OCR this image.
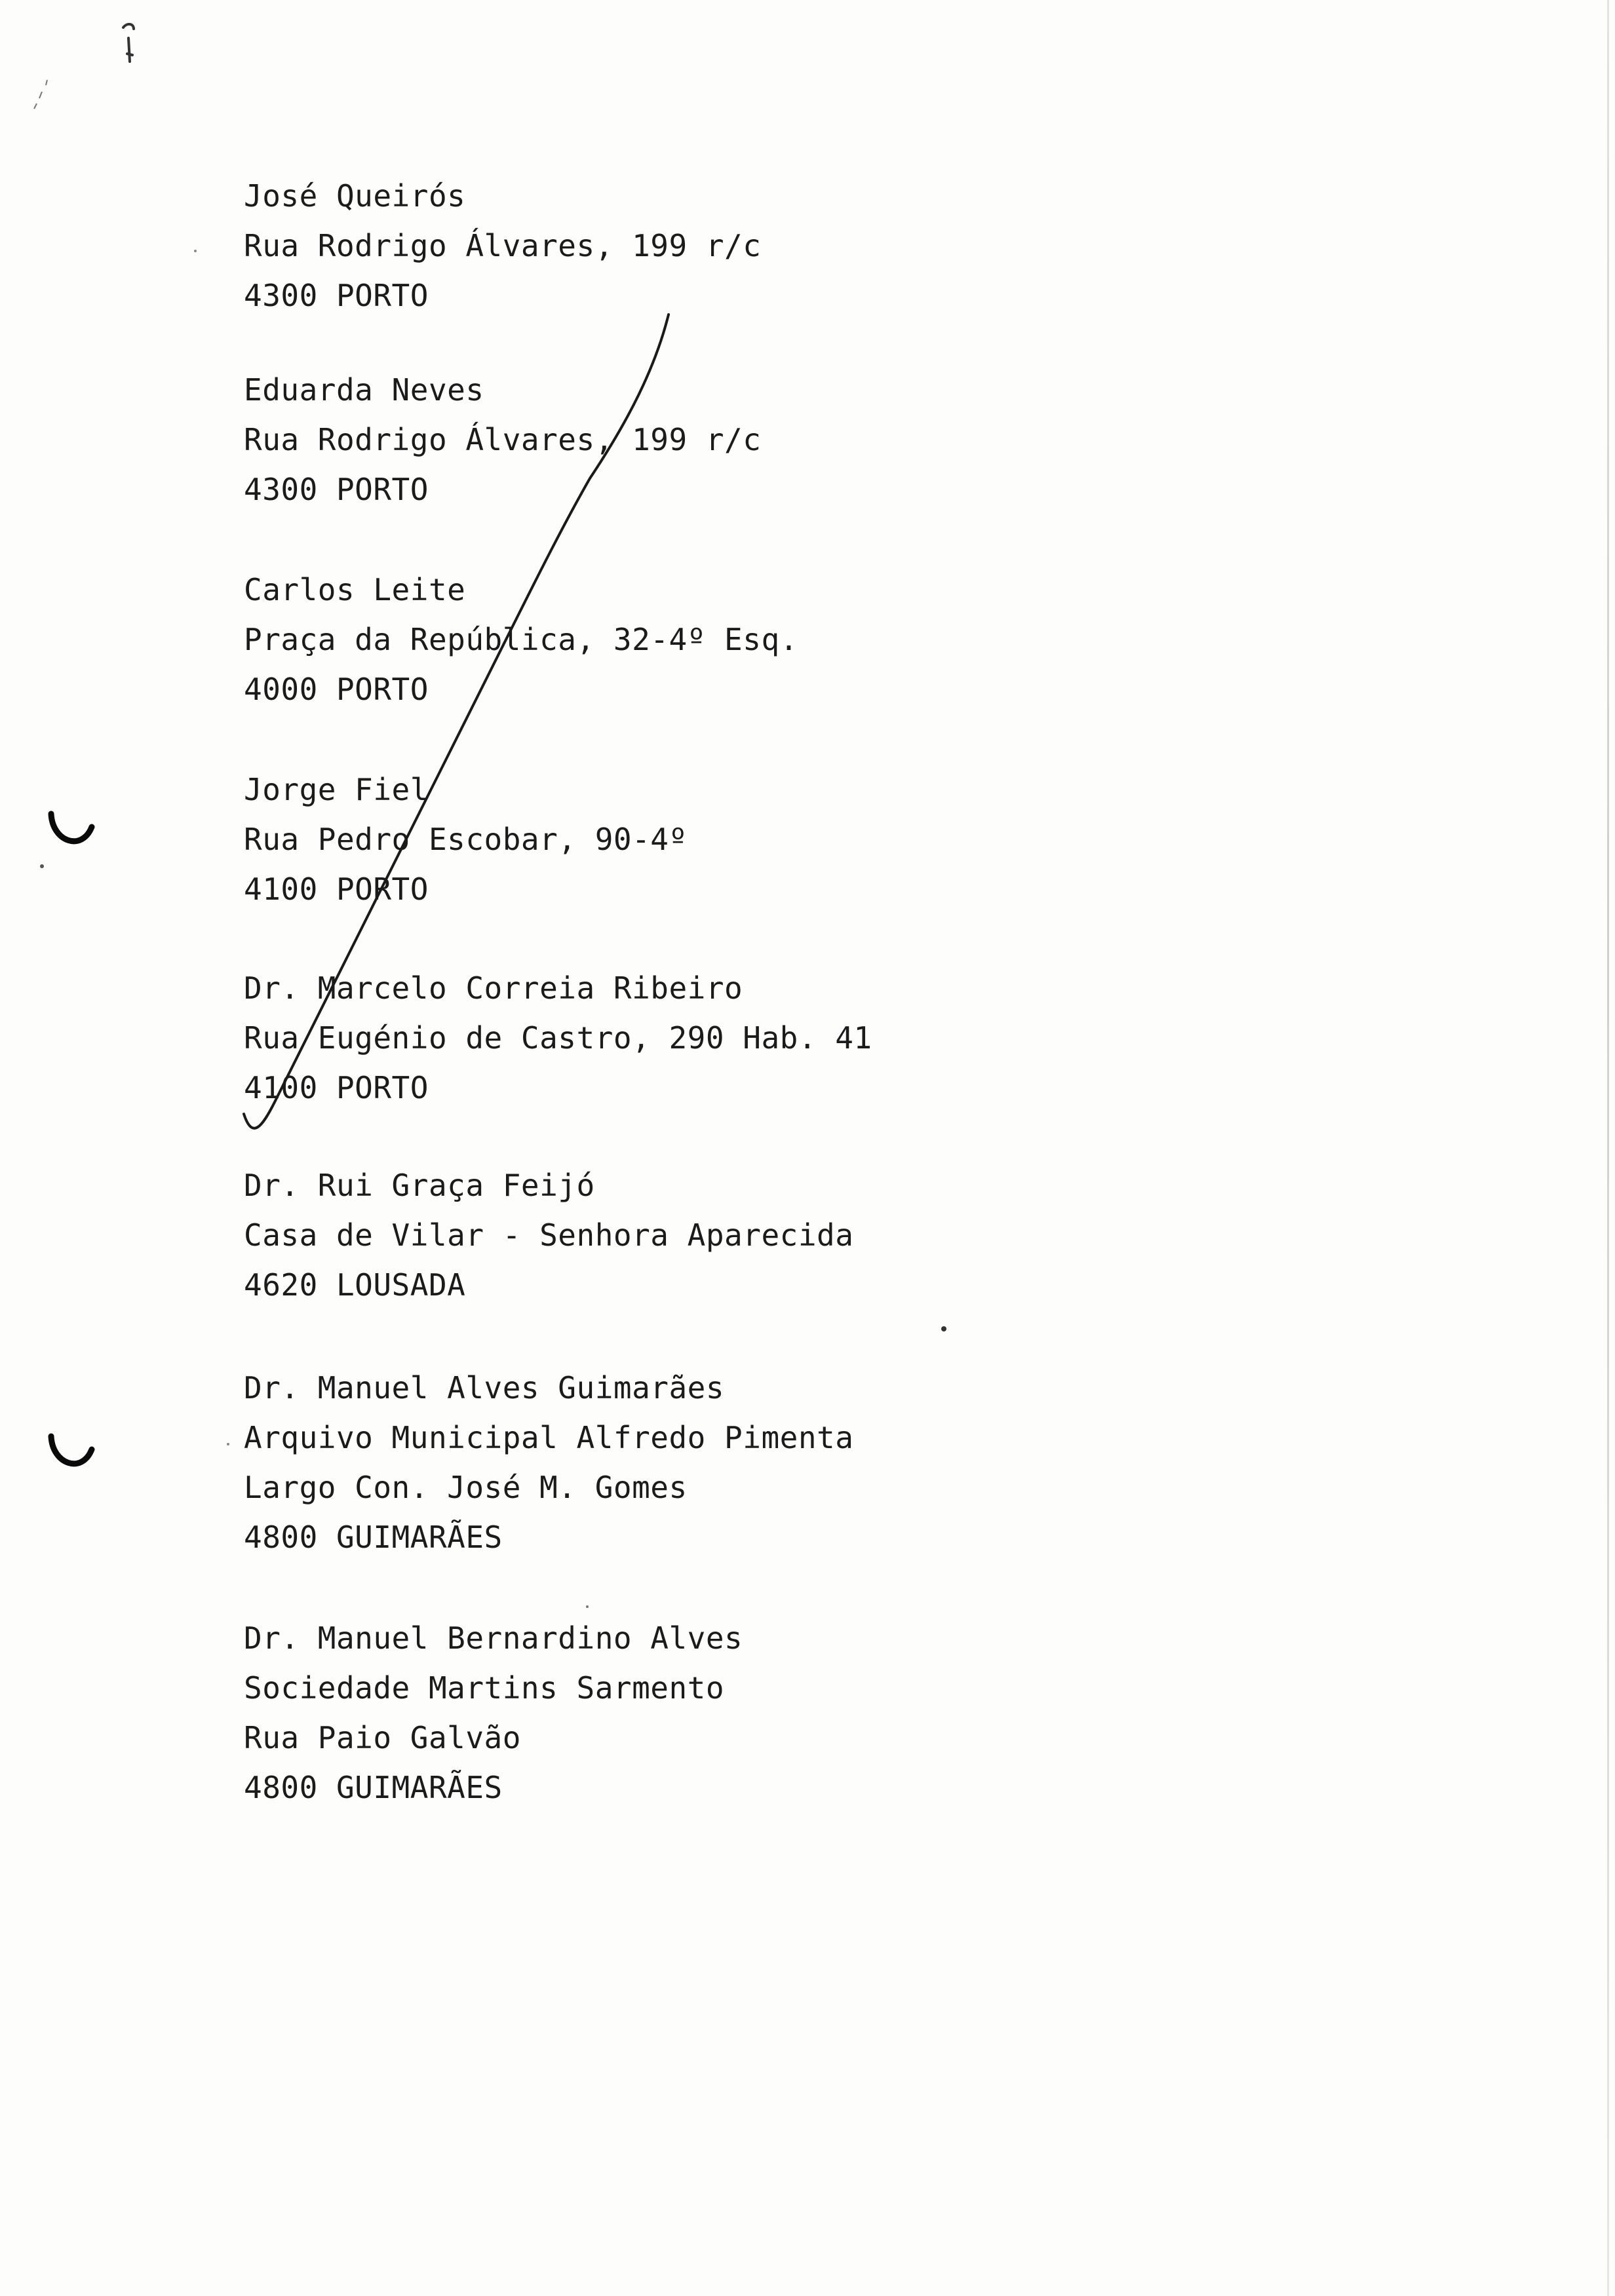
José Queirós
Rua Rodrigo Álvares, 199 r/c
4300 PORTO
Eduarda Neves
Rua Rodrigo Álvares, 199 r/c
4300 PORTO
Carlos Leite
Praça da República, 32-4º Esq.
4000 PORTO
Jorge Fiel
Rua Pedro Escobar, 90-4º
4100 PORTO
Dr. Marcelo Correia Ribeiro
Rua Eugénio de Castro, 290 Hab. 41
4100 PORTO
Dr. Rui Graça Feijó
Casa de Vilar - Senhora Aparecida
4620 LOUSADA
Dr. Manuel Alves Guimarães
Arquivo Municipal Alfredo Pimenta
Largo Con. José M. Gomes
4800 GUIMARÃES
Dr. Manuel Bernardino Alves
Sociedade Martins Sarmento
Rua Paio Galvão
4800 GUIMARÃES
